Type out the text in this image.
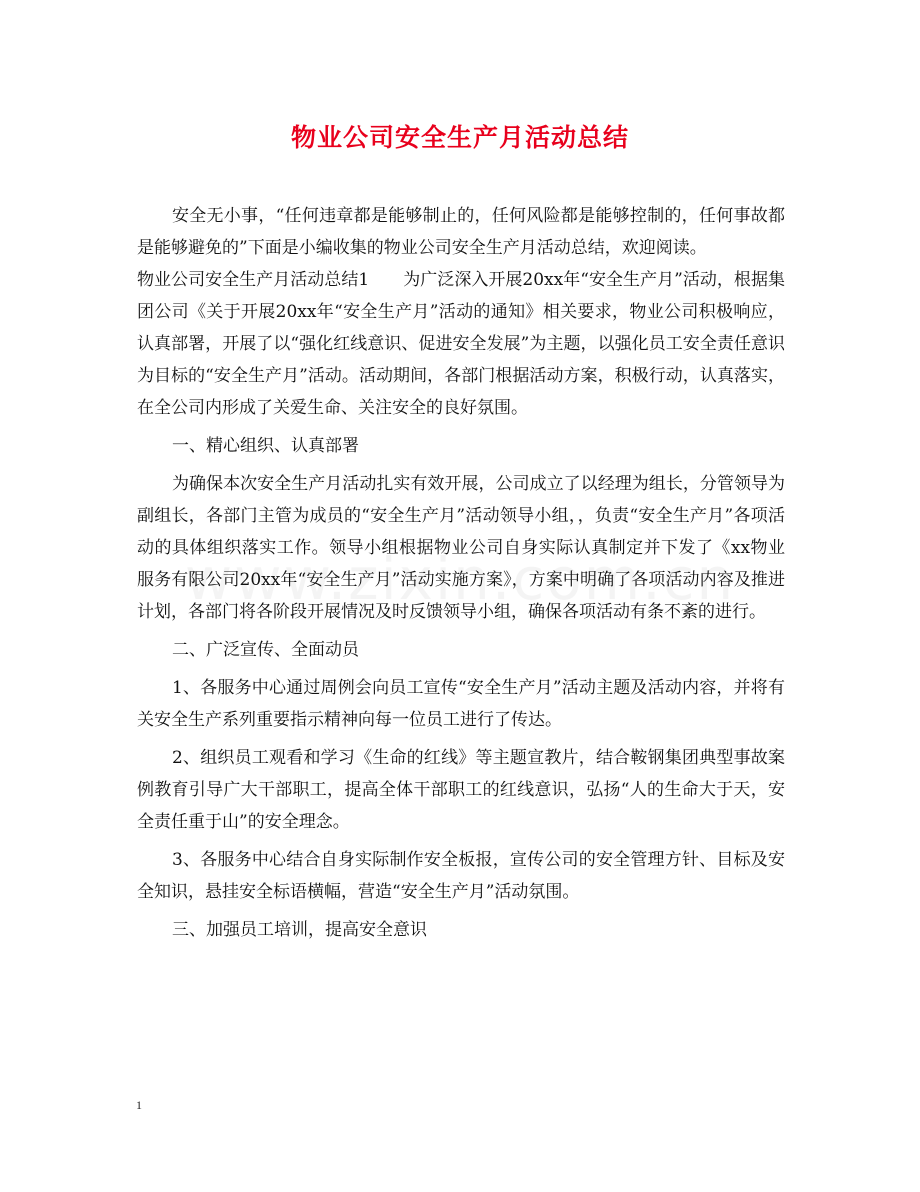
物业公司安全生产月活动总结

安全无小事，“任何违章都是能够制止的，任何风险都是能够控制的，任何事故都是能够避免的”下面是小编收集的物业公司安全生产月活动总结，欢迎阅读。

物业公司安全生产月活动总结1　　为广泛深入开展20xx年“安全生产月”活动，根据集团公司《关于开展20xx年“安全生产月”活动的通知》相关要求，物业公司积极响应，认真部署，开展了以“强化红线意识、促进安全发展”为主题，以强化员工安全责任意识为目标的“安全生产月”活动。活动期间，各部门根据活动方案，积极行动，认真落实，在全公司内形成了关爱生命、关注安全的良好氛围。

一、精心组织、认真部署

为确保本次安全生产月活动扎实有效开展，公司成立了以经理为组长，分管领导为副组长，各部门主管为成员的“安全生产月”活动领导小组，，负责“安全生产月”各项活动的具体组织落实工作。领导小组根据物业公司自身实际认真制定并下发了《xx物业服务有限公司20xx年“安全生产月”活动实施方案》，方案中明确了各项活动内容及推进计划，各部门将各阶段开展情况及时反馈领导小组，确保各项活动有条不紊的进行。

二、广泛宣传、全面动员

1、各服务中心通过周例会向员工宣传“安全生产月”活动主题及活动内容，并将有关安全生产系列重要指示精神向每一位员工进行了传达。

2、组织员工观看和学习《生命的红线》等主题宣教片，结合鞍钢集团典型事故案例教育引导广大干部职工，提高全体干部职工的红线意识，弘扬“人的生命大于天，安全责任重于山”的安全理念。

3、各服务中心结合自身实际制作安全板报，宣传公司的安全管理方针、目标及安全知识，悬挂安全标语横幅，营造“安全生产月”活动氛围。

三、加强员工培训，提高安全意识

1
